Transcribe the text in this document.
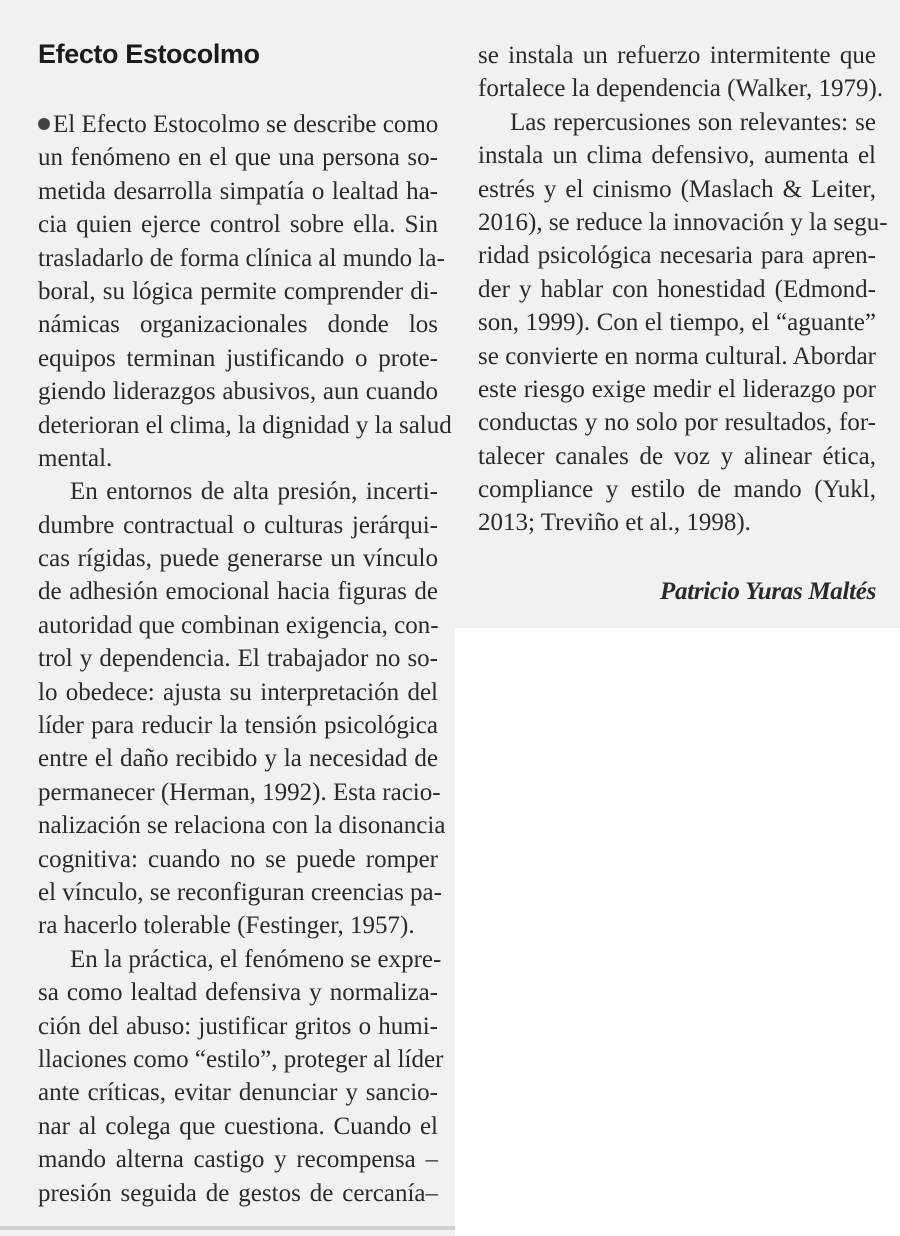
Efecto Estocolmo
El Efecto Estocolmo se describe como
un fenómeno en el que una persona so-
metida desarrolla simpatía o lealtad ha-
cia quien ejerce control sobre ella. Sin
trasladarlo de forma clínica al mundo la-
boral, su lógica permite comprender di-
námicas organizacionales donde los
equipos terminan justificando o prote-
giendo liderazgos abusivos, aun cuando
deterioran el clima, la dignidad y la salud
mental.
En entornos de alta presión, incerti-
dumbre contractual o culturas jerárqui-
cas rígidas, puede generarse un vínculo
de adhesión emocional hacia figuras de
autoridad que combinan exigencia, con-
trol y dependencia. El trabajador no so-
lo obedece: ajusta su interpretación del
líder para reducir la tensión psicológica
entre el daño recibido y la necesidad de
permanecer (Herman, 1992). Esta racio-
nalización se relaciona con la disonancia
cognitiva: cuando no se puede romper
el vínculo, se reconfiguran creencias pa-
ra hacerlo tolerable (Festinger, 1957).
En la práctica, el fenómeno se expre-
sa como lealtad defensiva y normaliza-
ción del abuso: justificar gritos o humi-
llaciones como “estilo”, proteger al líder
ante críticas, evitar denunciar y sancio-
nar al colega que cuestiona. Cuando el
mando alterna castigo y recompensa –
presión seguida de gestos de cercanía–
se instala un refuerzo intermitente que
fortalece la dependencia (Walker, 1979).
Las repercusiones son relevantes: se
instala un clima defensivo, aumenta el
estrés y el cinismo (Maslach & Leiter,
2016), se reduce la innovación y la segu-
ridad psicológica necesaria para apren-
der y hablar con honestidad (Edmond-
son, 1999). Con el tiempo, el “aguante”
se convierte en norma cultural. Abordar
este riesgo exige medir el liderazgo por
conductas y no solo por resultados, for-
talecer canales de voz y alinear ética,
compliance y estilo de mando (Yukl,
2013; Treviño et al., 1998).
Patricio Yuras Maltés
